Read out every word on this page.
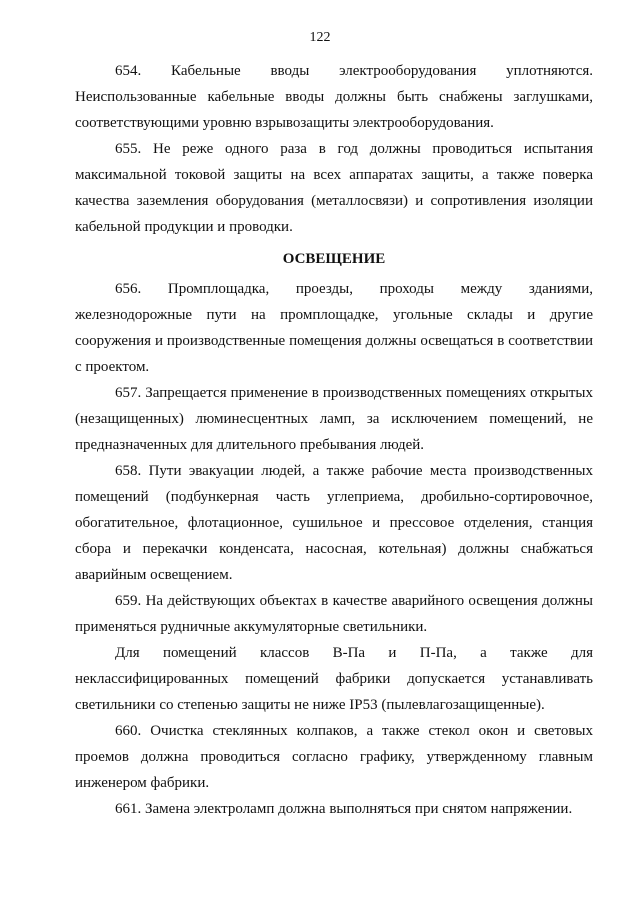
122

654. Кабельные вводы электрооборудования уплотняются. Неиспользованные кабельные вводы должны быть снабжены заглушками, соответствующими уровню взрывозащиты электрооборудования.

655. Не реже одного раза в год должны проводиться испытания максимальной токовой защиты на всех аппаратах защиты, а также поверка качества заземления оборудования (металлосвязи) и сопротивления изоляции кабельной продукции и проводки.

ОСВЕЩЕНИЕ

656. Промплощадка, проезды, проходы между зданиями, железнодорожные пути на промплощадке, угольные склады и другие сооружения и производственные помещения должны освещаться в соответствии с проектом.

657. Запрещается применение в производственных помещениях открытых (незащищенных) люминесцентных ламп, за исключением помещений, не предназначенных для длительного пребывания людей.

658. Пути эвакуации людей, а также рабочие места производственных помещений (подбункерная часть углеприема, дробильно-сортировочное, обогатительное, флотационное, сушильное и прессовое отделения, станция сбора и перекачки конденсата, насосная, котельная) должны снабжаться аварийным освещением.

659. На действующих объектах в качестве аварийного освещения должны применяться рудничные аккумуляторные светильники.

Для помещений классов В-Па и П-Па, а также для неклассифицированных помещений фабрики допускается устанавливать светильники со степенью защиты не ниже IP53 (пылевлагозащищенные).

660. Очистка стеклянных колпаков, а также стекол окон и световых проемов должна проводиться согласно графику, утвержденному главным инженером фабрики.

661. Замена электроламп должна выполняться при снятом напряжении.
